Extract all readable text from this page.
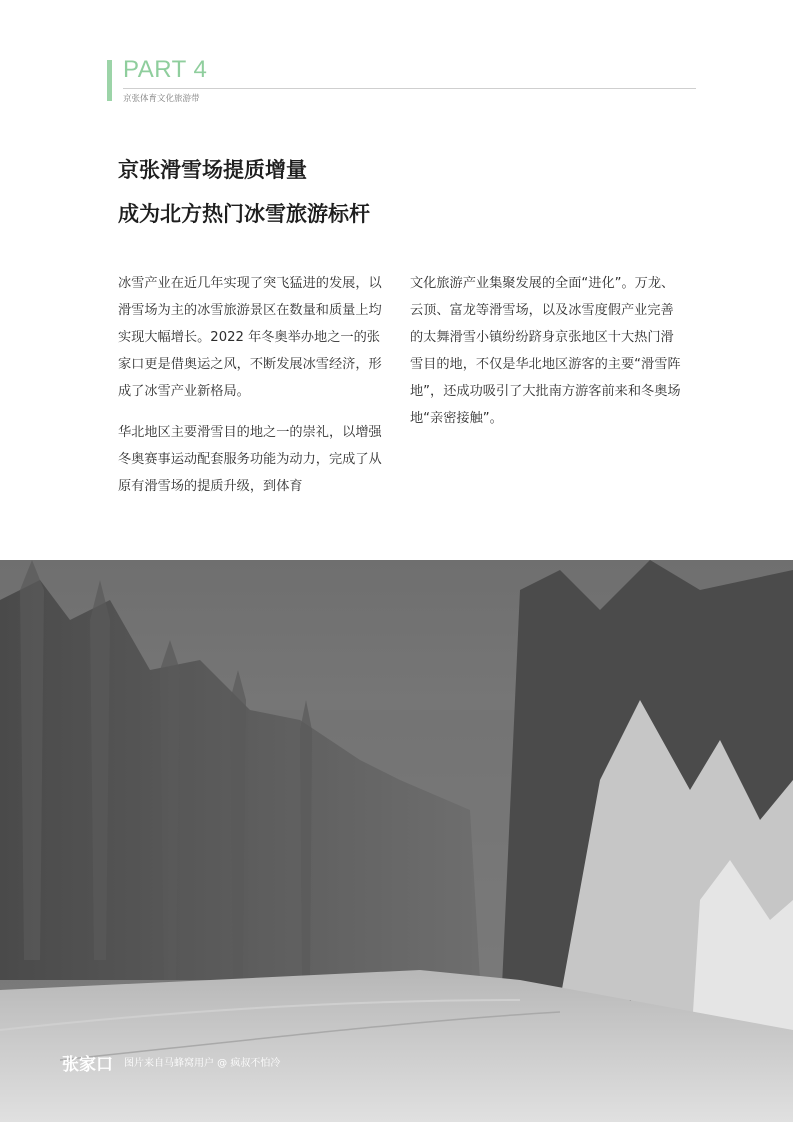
PART 4
京张体育文化旅游带
京张滑雪场提质增量
成为北方热门冰雪旅游标杆

冰雪产业在近几年实现了突飞猛进的发展，以滑雪场为主的冰雪旅游景区在数量和质量上均实现大幅增长。2022 年冬奥举办地之一的张家口更是借奥运之风，不断发展冰雪经济，形成了冰雪产业新格局。

华北地区主要滑雪目的地之一的崇礼，以增强冬奥赛事运动配套服务功能为动力，完成了从原有滑雪场的提质升级，到体育

文化旅游产业集聚发展的全面“进化”。万龙、云顶、富龙等滑雪场，以及冰雪度假产业完善的太舞滑雪小镇纷纷跻身京张地区十大热门滑雪目的地，不仅是华北地区游客的主要“滑雪阵地”，还成功吸引了大批南方游客前来和冬奥场地“亲密接触”。

张家口 图片来自马蜂窝用户 @ 疯叔不怕冷
